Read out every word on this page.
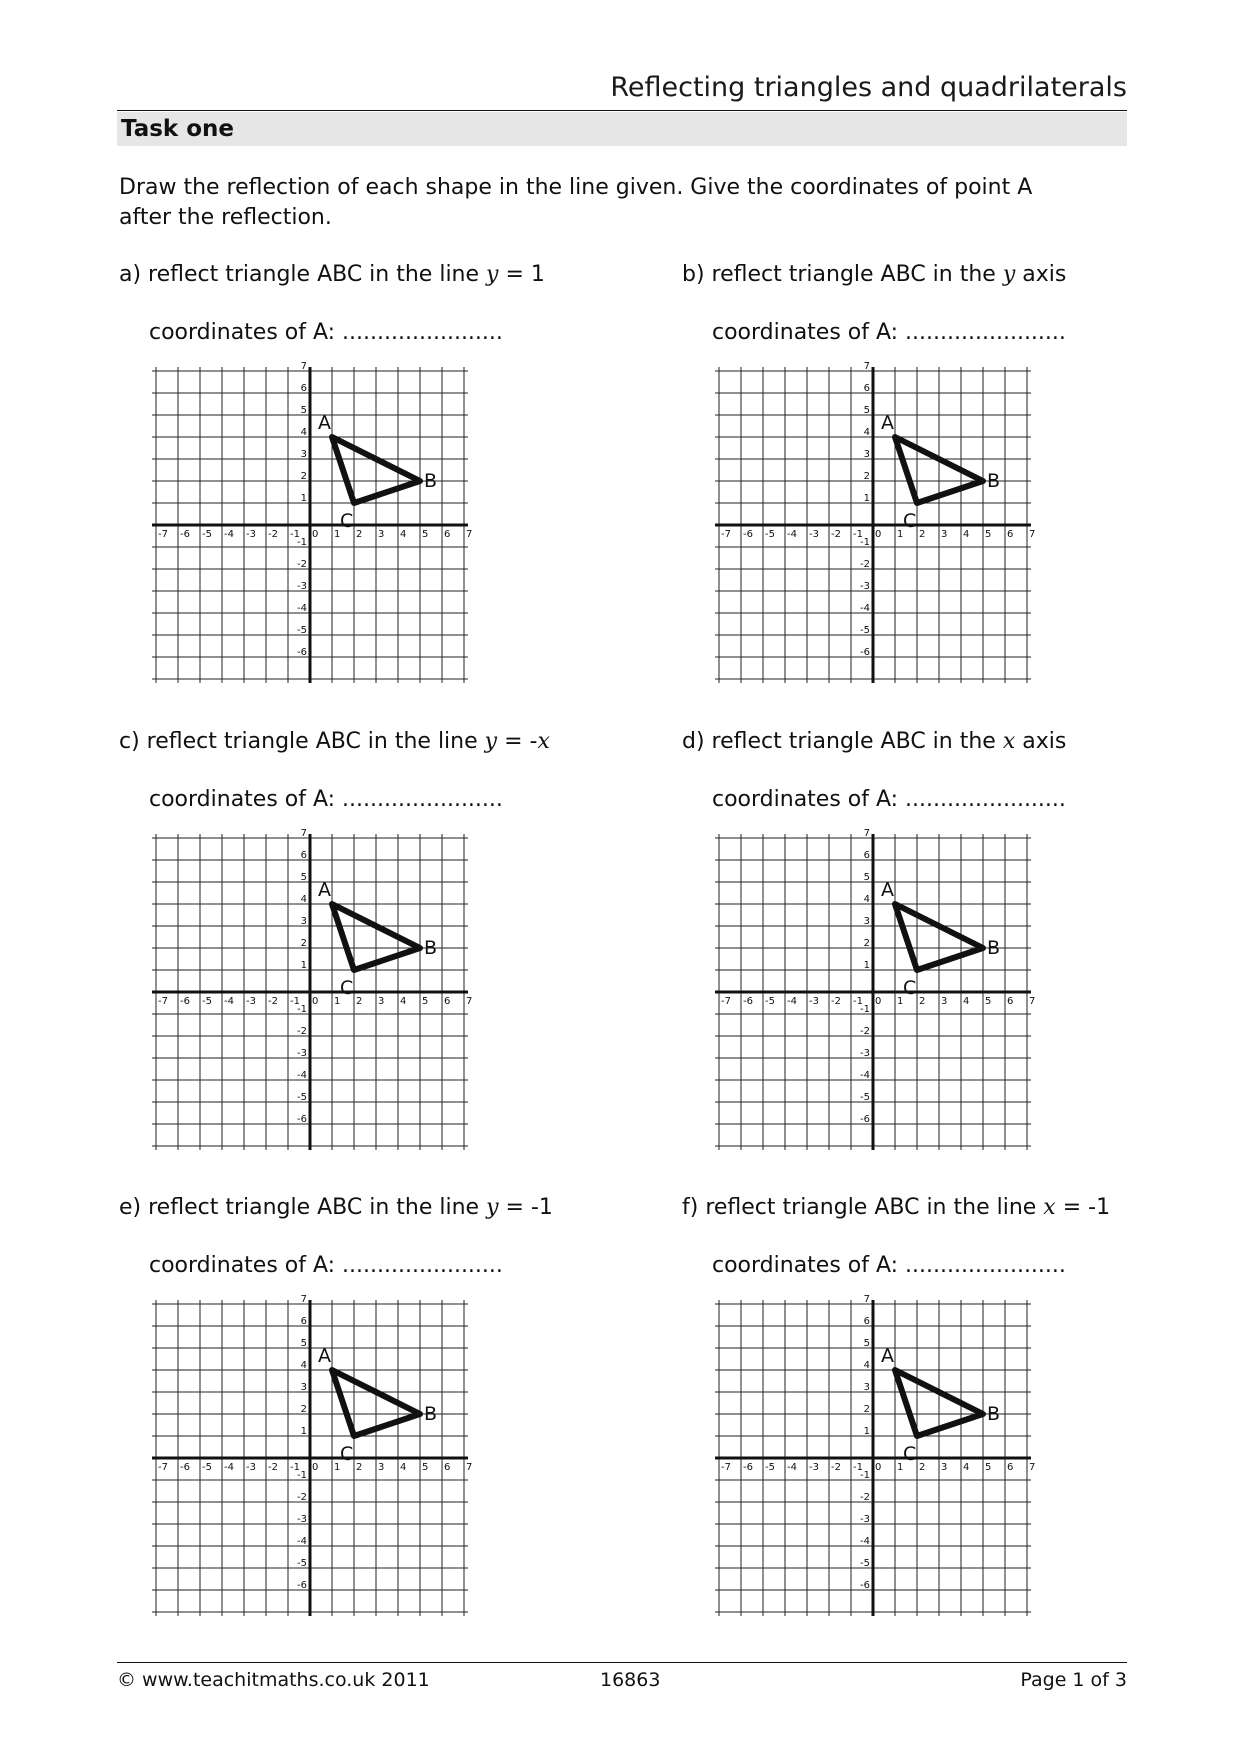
Reflecting triangles and quadrilaterals
Task one
Draw the reflection of each shape in the line given. Give the coordinates of point A after the reflection.
a) reflect triangle ABC in the line y = 1
coordinates of A: .......................
-7 -6 -5 -4 -3 -2 -1 0 1 2 3 4 5 6 7
-6
-5
-4
-3
-2
-1
1
2
3
4
5
6
7
A
B
C
b) reflect triangle ABC in the y axis
coordinates of A: .......................
-7 -6 -5 -4 -3 -2 -1 0 1 2 3 4 5 6 7
-6
-5
-4
-3
-2
-1
1
2
3
4
5
6
7
A
B
C
c) reflect triangle ABC in the line y = -x
coordinates of A: .......................
-7 -6 -5 -4 -3 -2 -1 0 1 2 3 4 5 6 7
-6
-5
-4
-3
-2
-1
1
2
3
4
5
6
7
A
B
C
d) reflect triangle ABC in the x axis
coordinates of A: .......................
-7 -6 -5 -4 -3 -2 -1 0 1 2 3 4 5 6 7
-6
-5
-4
-3
-2
-1
1
2
3
4
5
6
7
A
B
C
e) reflect triangle ABC in the line y = -1
coordinates of A: .......................
-7 -6 -5 -4 -3 -2 -1 0 1 2 3 4 5 6 7
-6
-5
-4
-3
-2
-1
1
2
3
4
5
6
7
A
B
C
f) reflect triangle ABC in the line x = -1
coordinates of A: .......................
-7 -6 -5 -4 -3 -2 -1 0 1 2 3 4 5 6 7
-6
-5
-4
-3
-2
-1
1
2
3
4
5
6
7
A
B
C
© www.teachitmaths.co.uk 2011	16863	Page 1 of 3
